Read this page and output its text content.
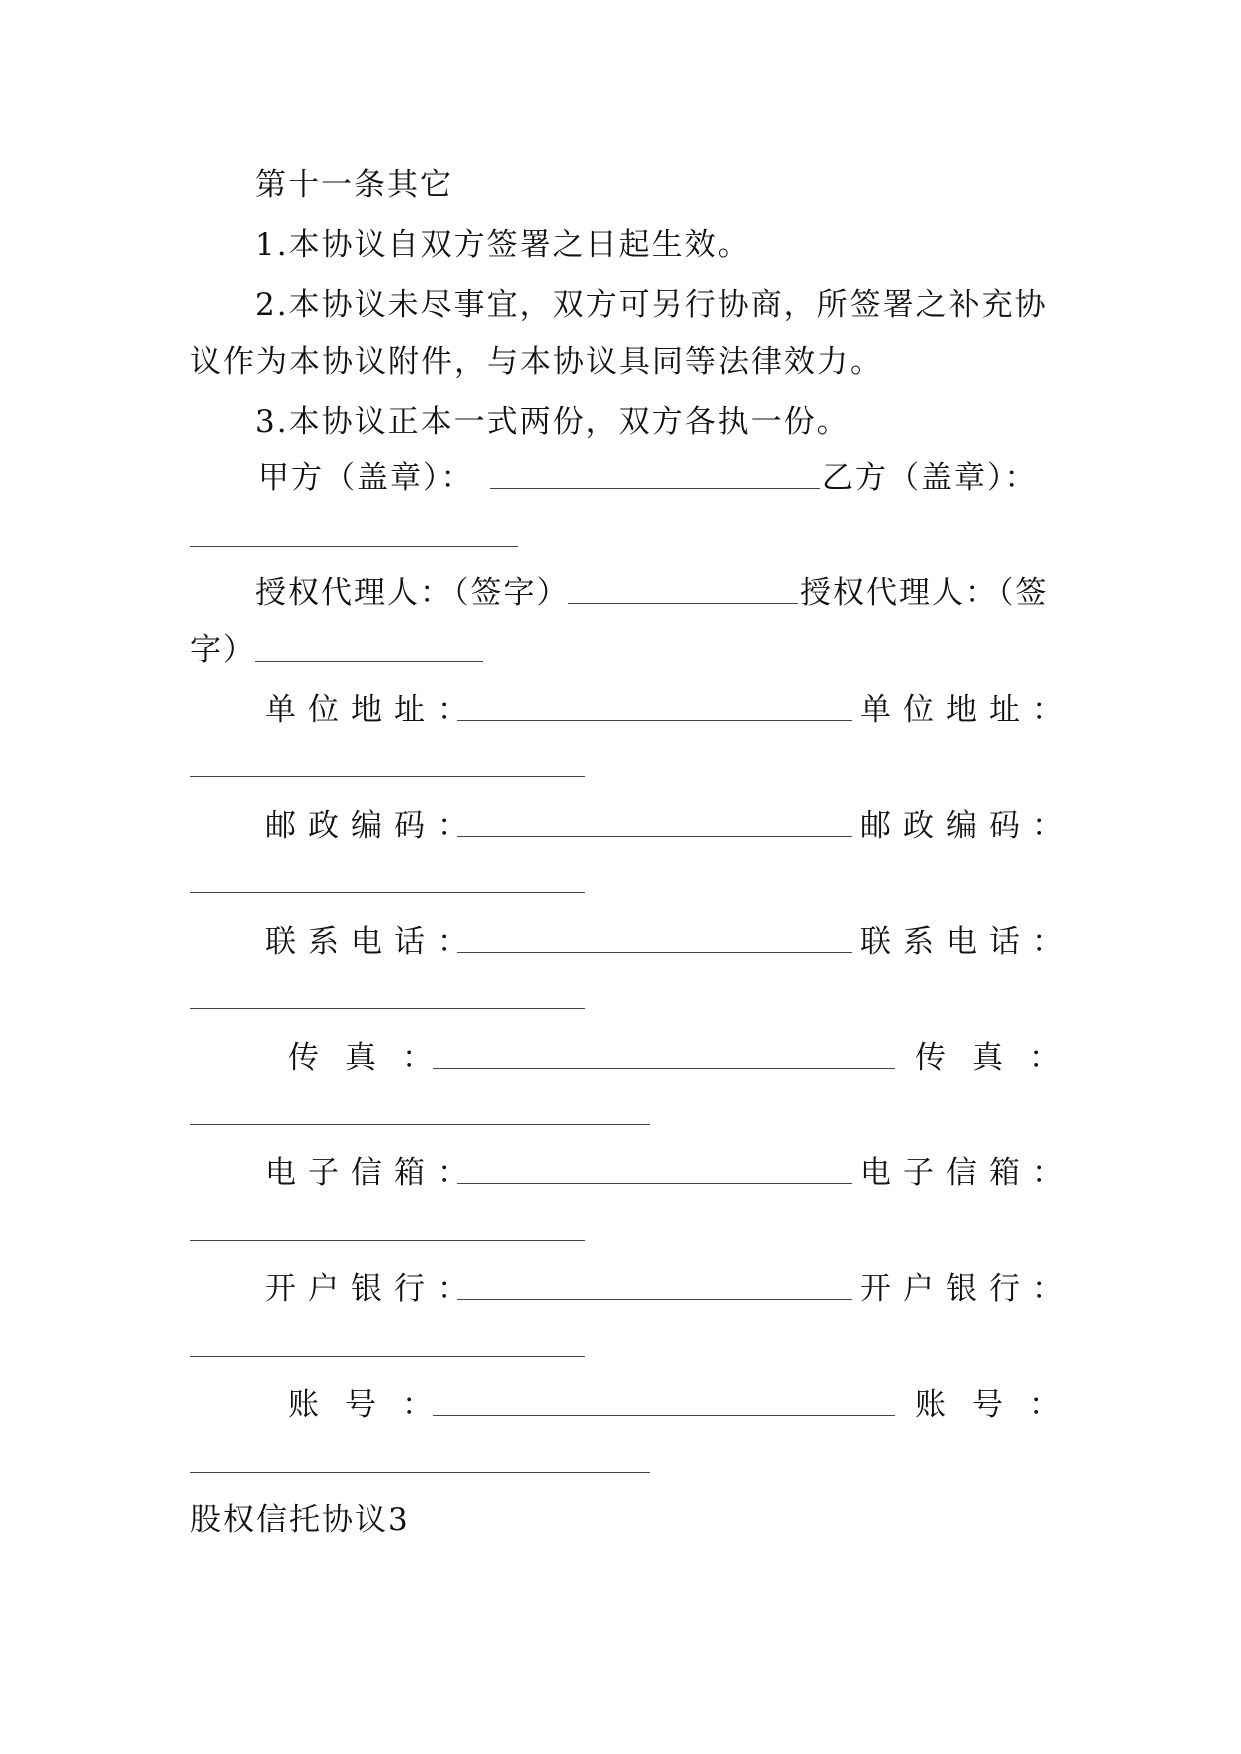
第十一条其它
1.本协议自双方签署之日起生效。
2.本协议未尽事宜，双方可另行协商，所签署之补充协
议作为本协议附件，与本协议具同等法律效力。
3.本协议正本一式两份，双方各执一份。
甲方（盖章）：	乙方（盖章）：
授权代理人：（签字）	授权代理人：（签
字）
单位地址：	单位地址：
邮政编码：	邮政编码：
联系电话：	联系电话：
传真：	传真：
电子信箱：	电子信箱：
开户银行：	开户银行：
账号：	账号：
股权信托协议3
